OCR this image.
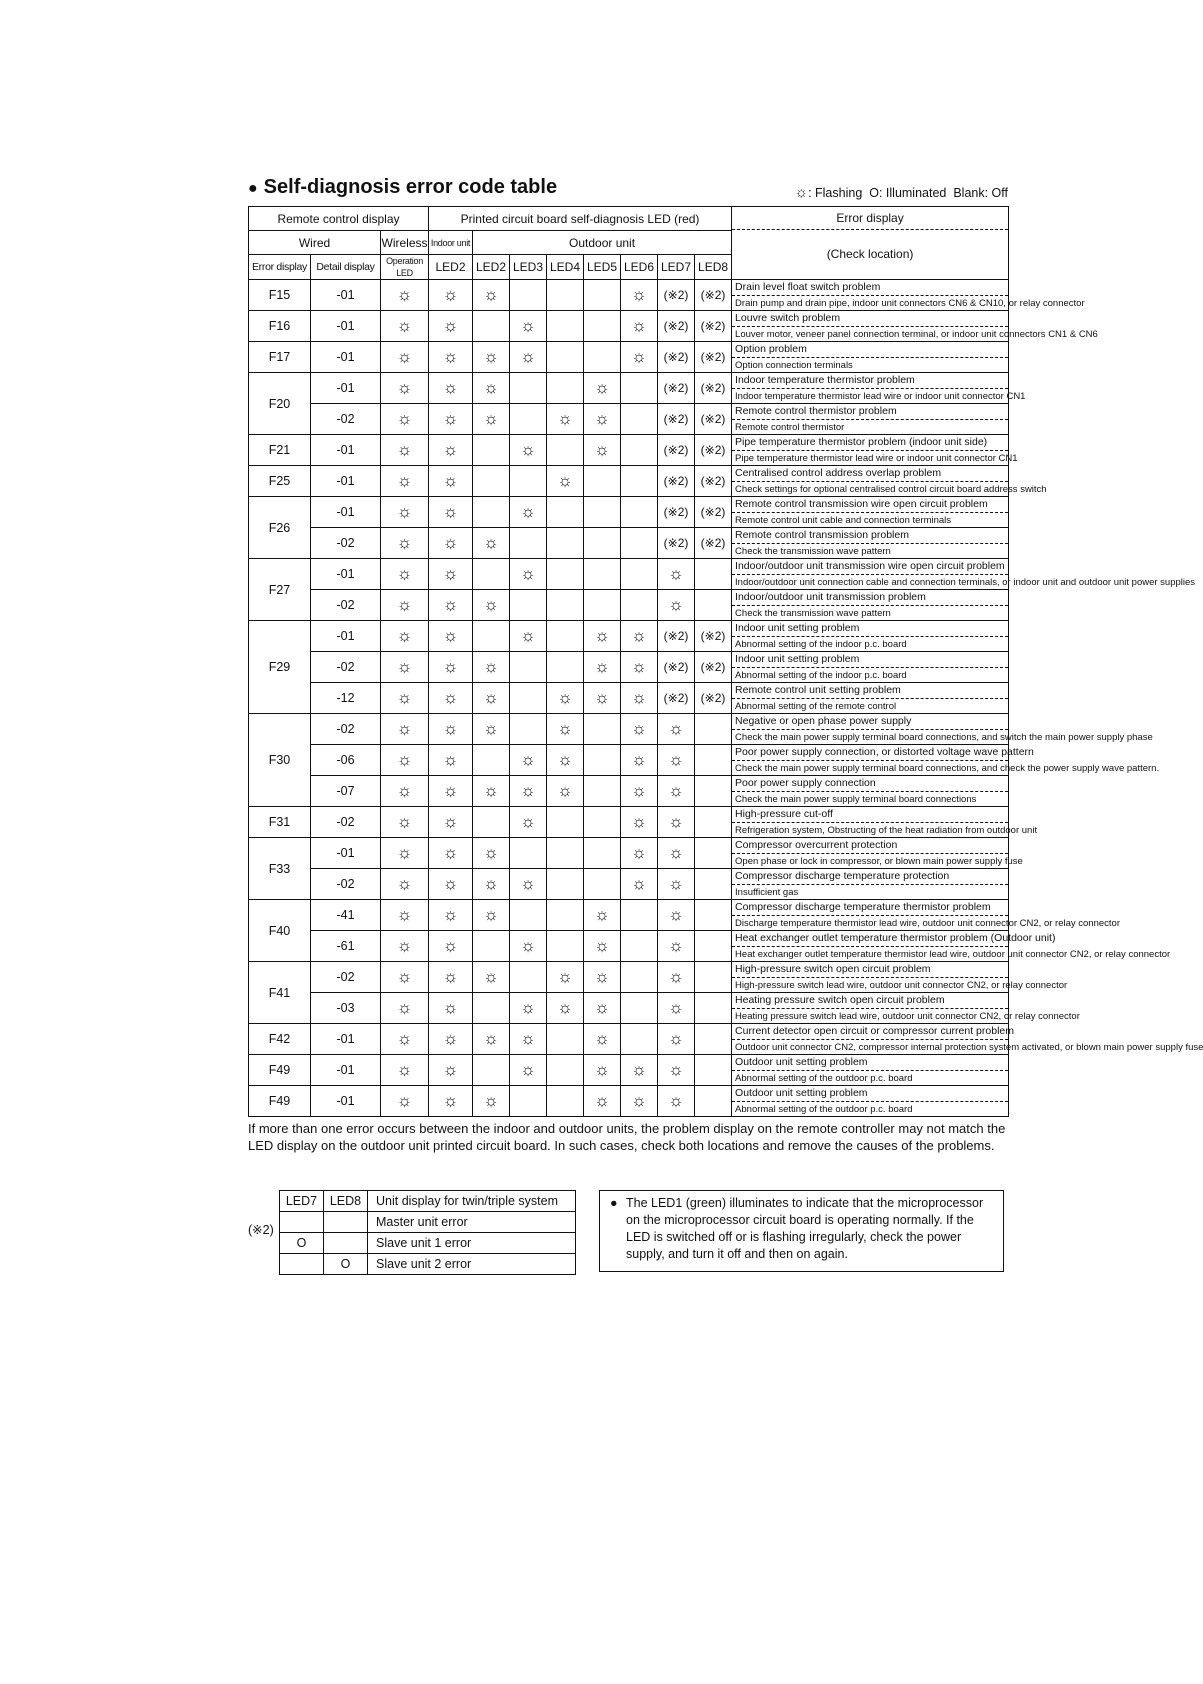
● Self-diagnosis error code table	☼: Flashing O: Illuminated Blank: Off
Remote control display			Printed circuit board self-diagnosis LED (red)								Error display
(Check location)

Wired		Wireless	Indoor unit	Outdoor unit							
Error display	Detail display	Operation LED	LED2	LED2	LED3	LED4	LED5	LED6	LED7	LED8	
F15	-01	☼	☼	☼				☼	(※2)	(※2)	Drain level float switch problem
Drain pump and drain pipe, indoor unit connectors CN6 & CN10, or relay connector

F16	-01	☼	☼		☼			☼	(※2)	(※2)	Louvre switch problem
Louver motor, veneer panel connection terminal, or indoor unit connectors CN1 & CN6

F17	-01	☼	☼	☼	☼			☼	(※2)	(※2)	Option problem
Option connection terminals

F20	-01	☼	☼	☼			☼		(※2)	(※2)	Indoor temperature thermistor problem
Indoor temperature thermistor lead wire or indoor unit connector CN1

	-02	☼	☼	☼		☼	☼		(※2)	(※2)	Remote control thermistor problem
Remote control thermistor

F21	-01	☼	☼		☼		☼		(※2)	(※2)	Pipe temperature thermistor problem (indoor unit side)
Pipe temperature thermistor lead wire or indoor unit connector CN1

F25	-01	☼	☼			☼			(※2)	(※2)	Centralised control address overlap problem
Check settings for optional centralised control circuit board address switch

F26	-01	☼	☼		☼				(※2)	(※2)	Remote control transmission wire open circuit problem
Remote control unit cable and connection terminals

	-02	☼	☼	☼					(※2)	(※2)	Remote control transmission problem
Check the transmission wave pattern

F27	-01	☼	☼		☼				☼		Indoor/outdoor unit transmission wire open circuit problem
Indoor/outdoor unit connection cable and connection terminals, or indoor unit and outdoor unit power supplies

	-02	☼	☼	☼					☼		Indoor/outdoor unit transmission problem
Check the transmission wave pattern

F29	-01	☼	☼		☼		☼	☼	(※2)	(※2)	Indoor unit setting problem
Abnormal setting of the indoor p.c. board

	-02	☼	☼	☼			☼	☼	(※2)	(※2)	Indoor unit setting problem
Abnormal setting of the indoor p.c. board

	-12	☼	☼	☼		☼	☼	☼	(※2)	(※2)	Remote control unit setting problem
Abnormal setting of the remote control

F30	-02	☼	☼	☼		☼		☼	☼		Negative or open phase power supply
Check the main power supply terminal board connections, and switch the main power supply phase

	-06	☼	☼		☼	☼		☼	☼		Poor power supply connection, or distorted voltage wave pattern
Check the main power supply terminal board connections, and check the power supply wave pattern.

	-07	☼	☼	☼	☼	☼		☼	☼		Poor power supply connection
Check the main power supply terminal board connections

F31	-02	☼	☼		☼			☼	☼		High-pressure cut-off
Refrigeration system, Obstructing of the heat radiation from outdoor unit

F33	-01	☼	☼	☼				☼	☼		Compressor overcurrent protection
Open phase or lock in compressor, or blown main power supply fuse

	-02	☼	☼	☼	☼			☼	☼		Compressor discharge temperature protection
Insufficient gas

F40	-41	☼	☼	☼			☼		☼		Compressor discharge temperature thermistor problem
Discharge temperature thermistor lead wire, outdoor unit connector CN2, or relay connector

	-61	☼	☼		☼		☼		☼		Heat exchanger outlet temperature thermistor problem (Outdoor unit)
Heat exchanger outlet temperature thermistor lead wire, outdoor unit connector CN2, or relay connector

F41	-02	☼	☼	☼		☼	☼		☼		High-pressure switch open circuit problem
High-pressure switch lead wire, outdoor unit connector CN2, or relay connector

	-03	☼	☼		☼	☼	☼		☼		Heating pressure switch open circuit problem
Heating pressure switch lead wire, outdoor unit connector CN2, or relay connector

F42	-01	☼	☼	☼	☼		☼		☼		Current detector open circuit or compressor current problem
Outdoor unit connector CN2, compressor internal protection system activated, or blown main power supply fuse

F49	-01	☼	☼		☼		☼	☼	☼		Outdoor unit setting problem
Abnormal setting of the outdoor p.c. board

F49	-01	☼	☼	☼			☼	☼	☼		Outdoor unit setting problem
Abnormal setting of the outdoor p.c. board
If more than one error occurs between the indoor and outdoor units, the problem display on the remote controller may not match the LED display on the outdoor unit printed circuit board. In such cases, check both locations and remove the causes of the problems.
(※2)
LED7	LED8	Unit display for twin/triple system
		Master unit error
O		Slave unit 1 error
	O	Slave unit 2 error
● The LED1 (green) illuminates to indicate that the microprocessor on the microprocessor circuit board is operating normally. If the LED is switched off or is flashing irregularly, check the power supply, and turn it off and then on again.
